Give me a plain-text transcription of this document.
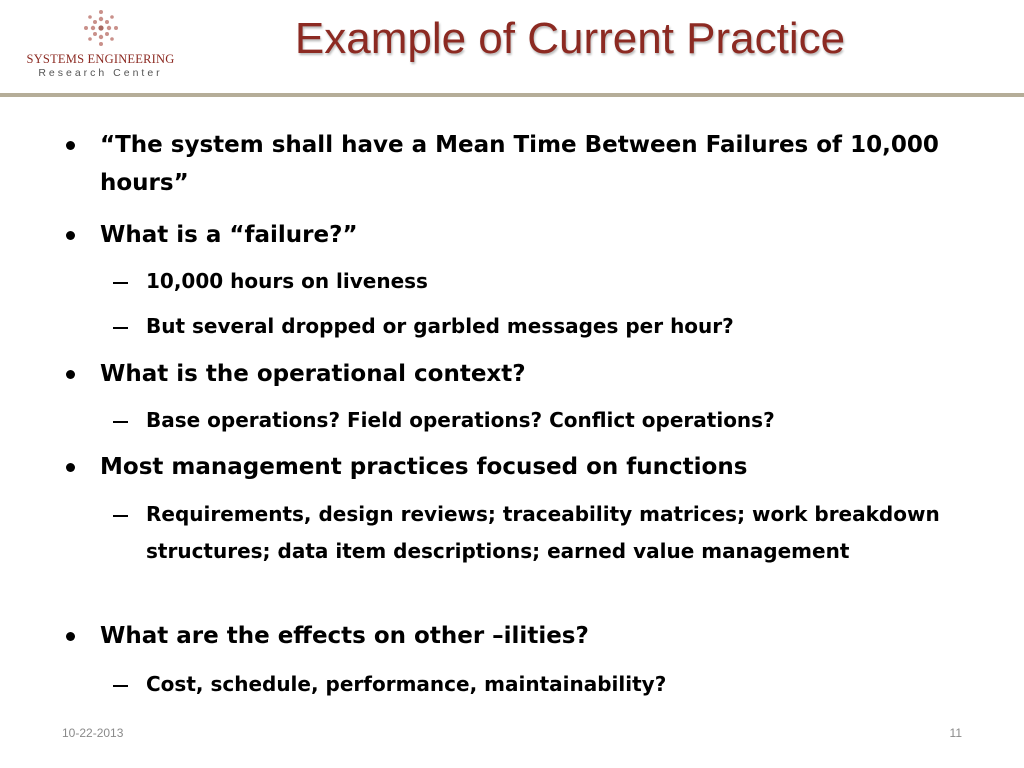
SYSTEMS ENGINEERING
Research Center
Example of Current Practice
“The system shall have a Mean Time Between Failures of 10,000 hours”
What is a “failure?”
10,000 hours on liveness
But several dropped or garbled messages per hour?
What is the operational context?
Base operations? Field operations? Conflict operations?
Most management practices focused on functions
Requirements, design reviews; traceability matrices; work breakdown structures; data item descriptions; earned value management
What are the effects on other –ilities?
Cost, schedule, performance, maintainability?
10-22-2013	11
